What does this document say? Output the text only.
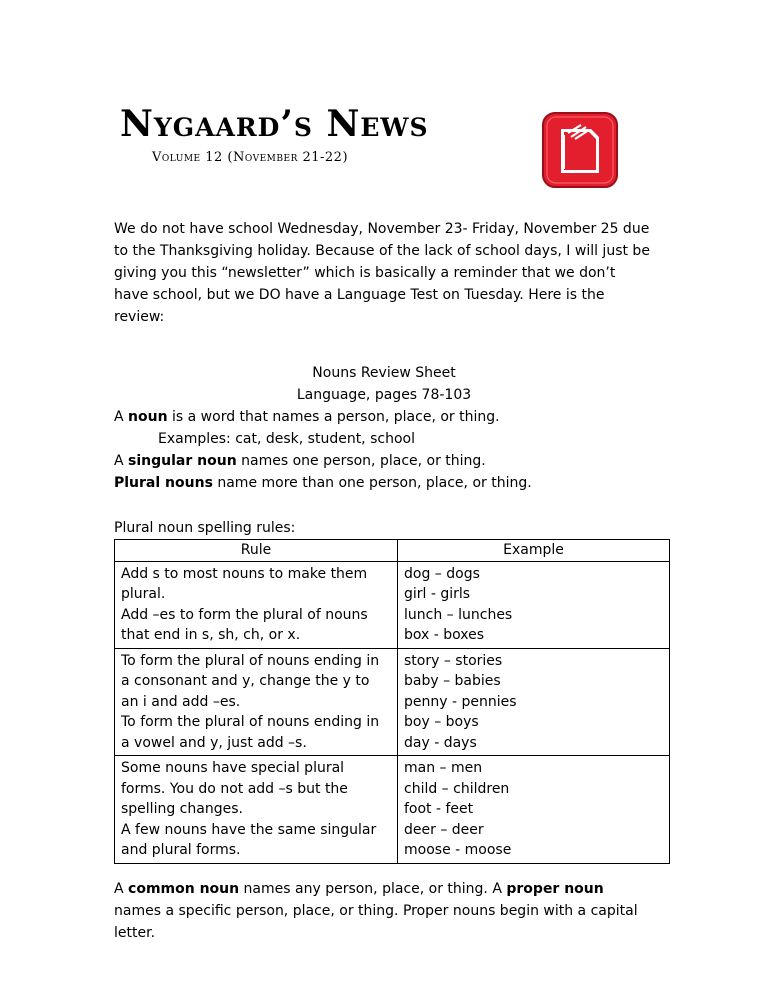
Nygaard’s News

Volume 12 (November 21-22)

We do not have school Wednesday, November 23- Friday, November 25 due to the Thanksgiving holiday. Because of the lack of school days, I will just be giving you this “newsletter” which is basically a reminder that we don’t have school, but we DO have a Language Test on Tuesday. Here is the review:

Nouns Review Sheet
Language, pages 78-103

A noun is a word that names a person, place, or thing.

Examples: cat, desk, student, school

A singular noun names one person, place, or thing.

Plural nouns name more than one person, place, or thing.

Plural noun spelling rules:

Rule	Example

Add s to most nouns to make them plural.
Add –es to form the plural of nouns that end in s, sh, ch, or x.	dog – dogs
girl - girls
lunch – lunches
box - boxes

To form the plural of nouns ending in a consonant and y, change the y to an i and add –es.
To form the plural of nouns ending in a vowel and y, just add –s.	story – stories
baby – babies
penny - pennies
boy – boys
day - days

Some nouns have special plural forms. You do not add –s but the spelling changes.
A few nouns have the same singular and plural forms.	man – men
child – children
foot - feet
deer – deer
moose - moose

A common noun names any person, place, or thing. A proper noun names a specific person, place, or thing. Proper nouns begin with a capital letter.
